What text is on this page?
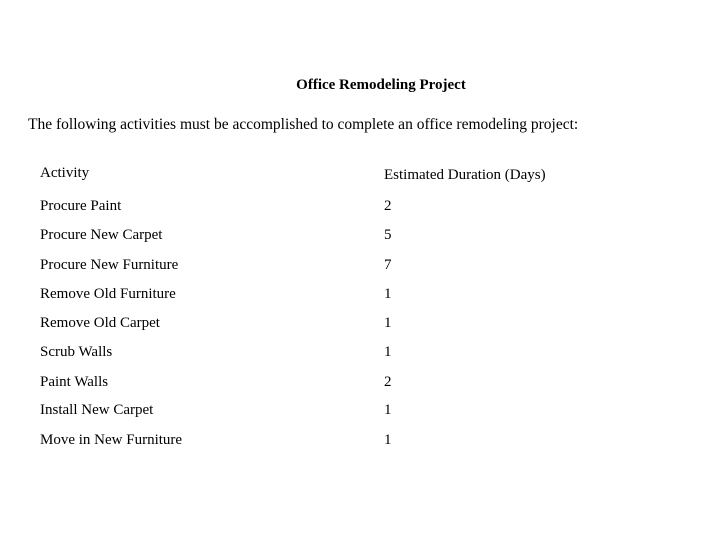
Office Remodeling Project
The following activities must be accomplished to complete an office remodeling project:
Activity	Estimated Duration (Days)
Procure Paint	2
Procure New Carpet	5
Procure New Furniture	7
Remove Old Furniture	1
Remove Old Carpet	1
Scrub Walls	1
Paint Walls	2
Install New Carpet	1
Move in New Furniture	1
